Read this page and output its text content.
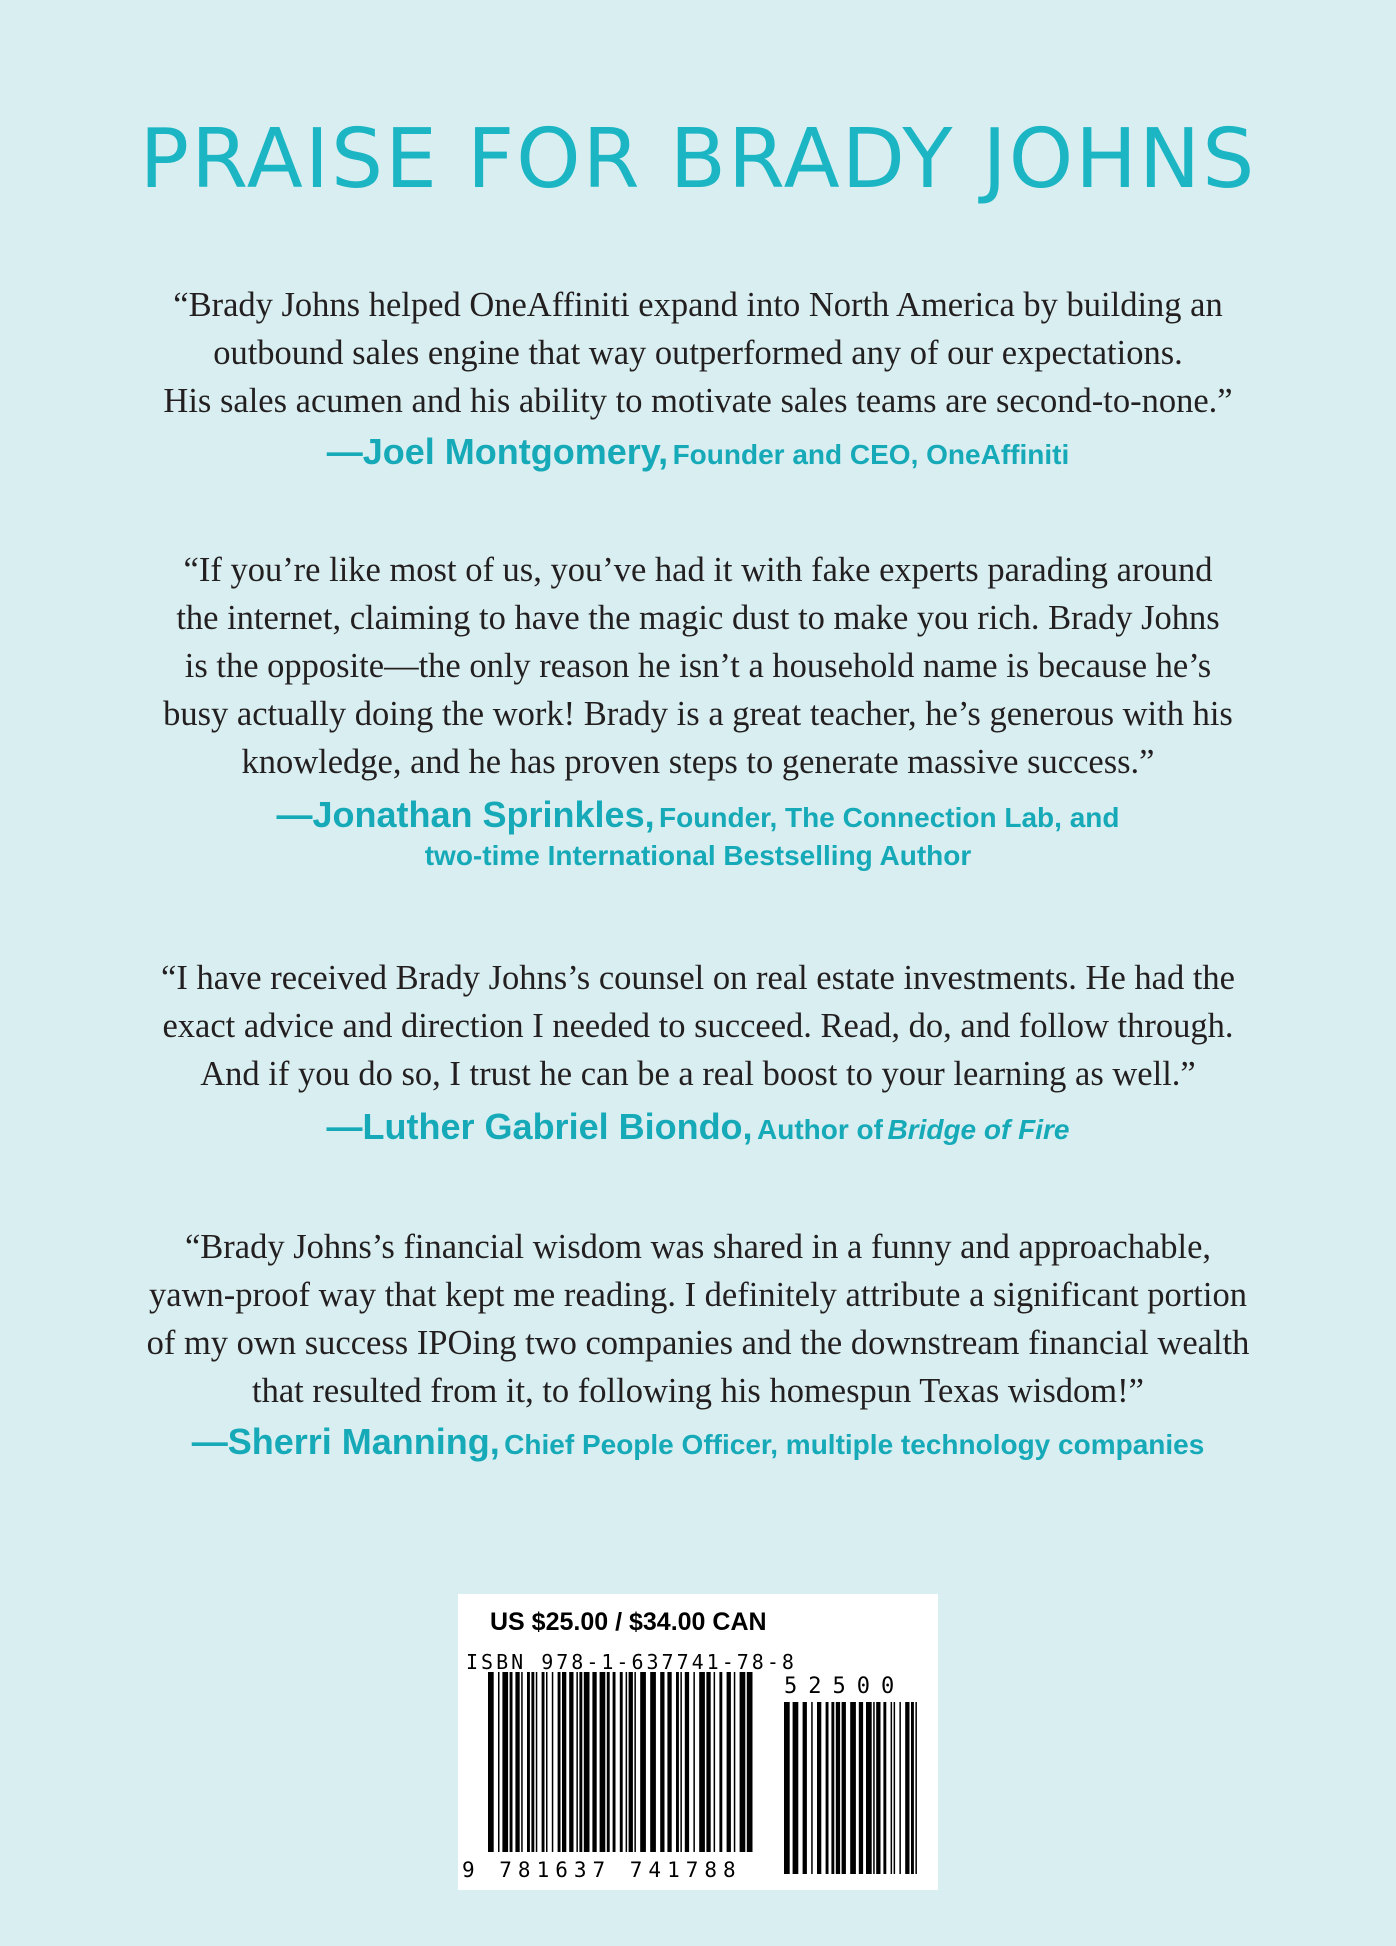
PRAISE FOR BRADY JOHNS
“Brady Johns helped OneAffiniti expand into North America by building an
outbound sales engine that way outperformed any of our expectations.
His sales acumen and his ability to motivate sales teams are second-to-none.”
—Joel Montgomery, Founder and CEO, OneAffiniti
“If you’re like most of us, you’ve had it with fake experts parading around
the internet, claiming to have the magic dust to make you rich. Brady Johns
is the opposite—the only reason he isn’t a household name is because he’s
busy actually doing the work! Brady is a great teacher, he’s generous with his
knowledge, and he has proven steps to generate massive success.”
—Jonathan Sprinkles, Founder, The Connection Lab, and
two-time International Bestselling Author
“I have received Brady Johns’s counsel on real estate investments. He had the
exact advice and direction I needed to succeed. Read, do, and follow through.
And if you do so, I trust he can be a real boost to your learning as well.”
—Luther Gabriel Biondo, Author of Bridge of Fire
“Brady Johns’s financial wisdom was shared in a funny and approachable,
yawn-proof way that kept me reading. I definitely attribute a significant portion
of my own success IPOing two companies and the downstream financial wealth
that resulted from it, to following his homespun Texas wisdom!”
—Sherri Manning, Chief People Officer, multiple technology companies
US $25.00 / $34.00 CAN
ISBN 978-1-637741-78-8
9 781637 741788
52500
